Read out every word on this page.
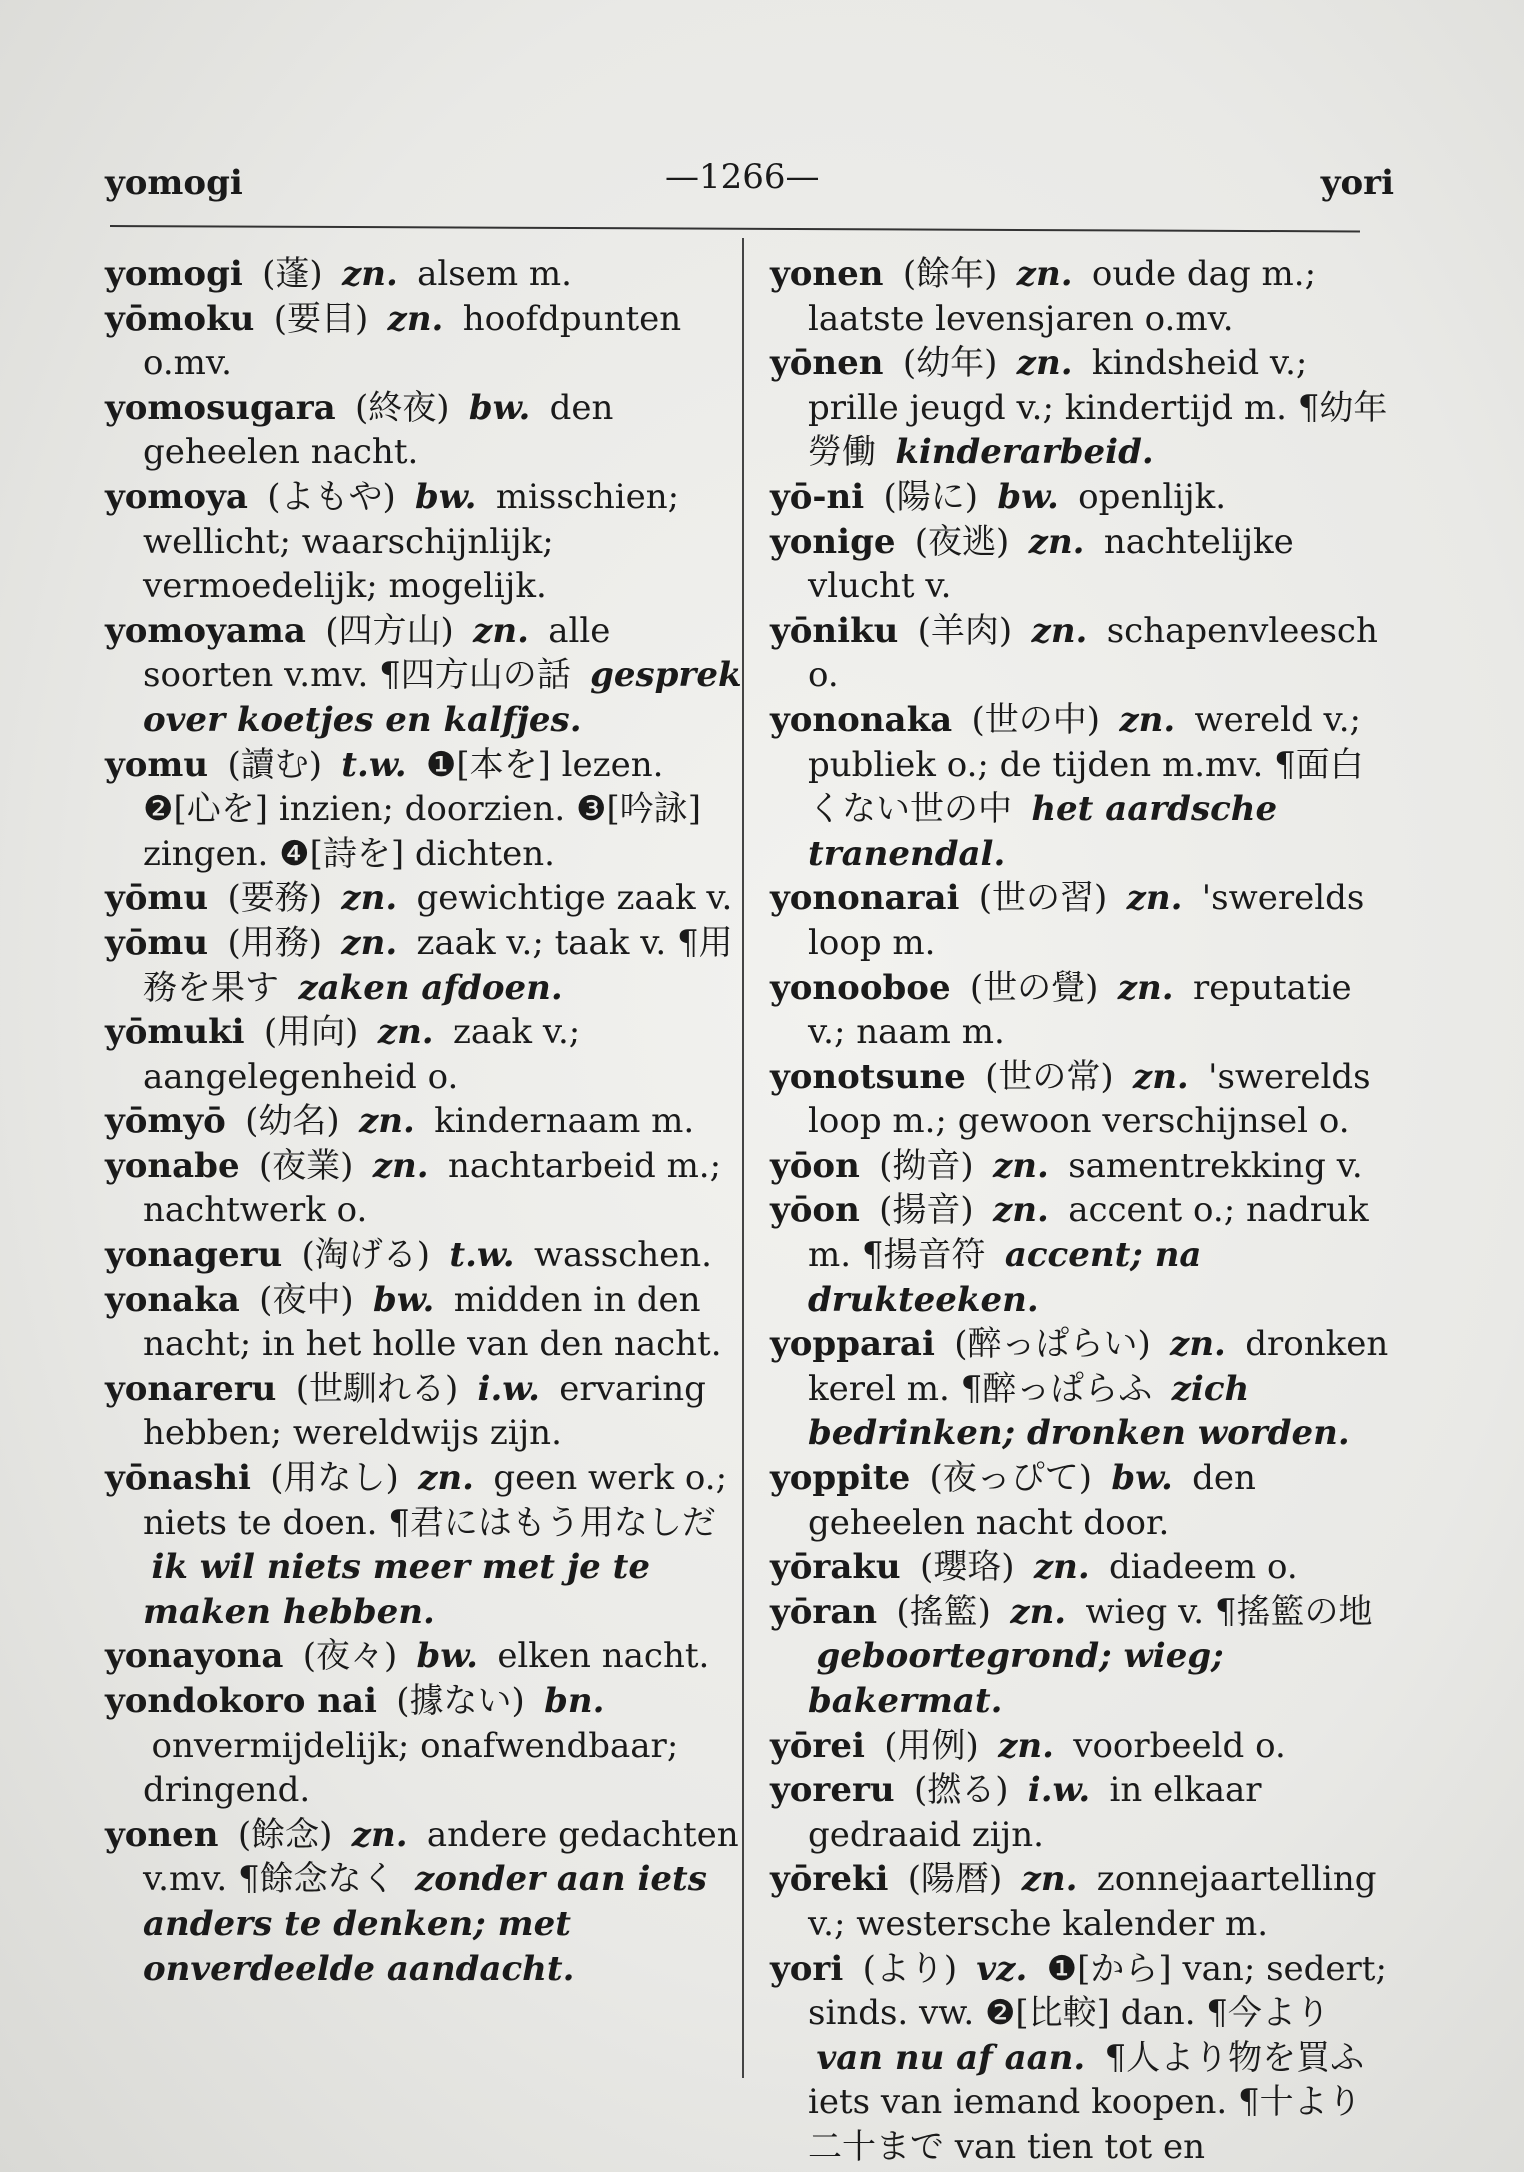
yomogi	—1266—	yori

yomogi (蓬) zn. alsem m.

yōmoku (要目) zn. hoofdpunten o.mv.

yomosugara (終夜) bw. den geheelen nacht.

yomoya (よもや) bw. misschien; wellicht; waarschijnlijk; vermoedelijk; mogelijk.

yomoyama (四方山) zn. alle soorten v.mv. ¶四方山の話 gesprek over koetjes en kalfjes.

yomu (讀む) t.w. ❶[本を] lezen. ❷[心を] inzien; doorzien. ❸[吟詠] zingen. ❹[詩を] dichten.

yōmu (要務) zn. gewichtige zaak v.

yōmu (用務) zn. zaak v.; taak v. ¶用務を果す zaken afdoen.

yōmuki (用向) zn. zaak v.; aangelegenheid o.

yōmyō (幼名) zn. kindernaam m.

yonabe (夜業) zn. nachtarbeid m.; nachtwerk o.

yonageru (淘げる) t.w. wasschen.

yonaka (夜中) bw. midden in den nacht; in het holle van den nacht.

yonareru (世馴れる) i.w. ervaring hebben; wereldwijs zijn.

yōnashi (用なし) zn. geen werk o.; niets te doen. ¶君にはもう用なしだ ik wil niets meer met je te maken hebben.

yonayona (夜々) bw. elken nacht.

yondokoro nai (據ない) bn. onvermijdelijk; onafwendbaar; dringend.

yonen (餘念) zn. andere gedachten v.mv. ¶餘念なく zonder aan iets anders te denken; met onverdeelde aandacht.

yonen (餘年) zn. oude dag m.; laatste levensjaren o.mv.

yōnen (幼年) zn. kindsheid v.; prille jeugd v.; kindertijd m. ¶幼年勞働 kinderarbeid.

yō-ni (陽に) bw. openlijk.

yonige (夜逃) zn. nachtelijke vlucht v.

yōniku (羊肉) zn. schapenvleesch o.

yononaka (世の中) zn. wereld v.; publiek o.; de tijden m.mv. ¶面白くない世の中 het aardsche tranendal.

yononarai (世の習) zn. 'swerelds loop m.

yonooboe (世の覺) zn. reputatie v.; naam m.

yonotsune (世の常) zn. 'swerelds loop m.; gewoon verschijnsel o.

yōon (拗音) zn. samentrekking v.

yōon (揚音) zn. accent o.; nadruk m. ¶揚音符 accent; na drukteeken.

yopparai (醉っぱらい) zn. dronken kerel m. ¶醉っぱらふ zich bedrinken; dronken worden.

yoppite (夜っぴて) bw. den geheelen nacht door.

yōraku (瓔珞) zn. diadeem o.

yōran (搖籃) zn. wieg v. ¶搖籃の地 geboortegrond; wieg; bakermat.

yōrei (用例) zn. voorbeeld o.

yoreru (撚る) i.w. in elkaar gedraaid zijn.

yōreki (陽暦) zn. zonnejaartelling v.; westersche kalender m.

yori (より) vz. ❶[から] van; sedert; sinds. vw. ❷[比較] dan. ¶今より van nu af aan. ¶人より物を買ふ iets van iemand koopen. ¶十より二十まで van tien tot en
